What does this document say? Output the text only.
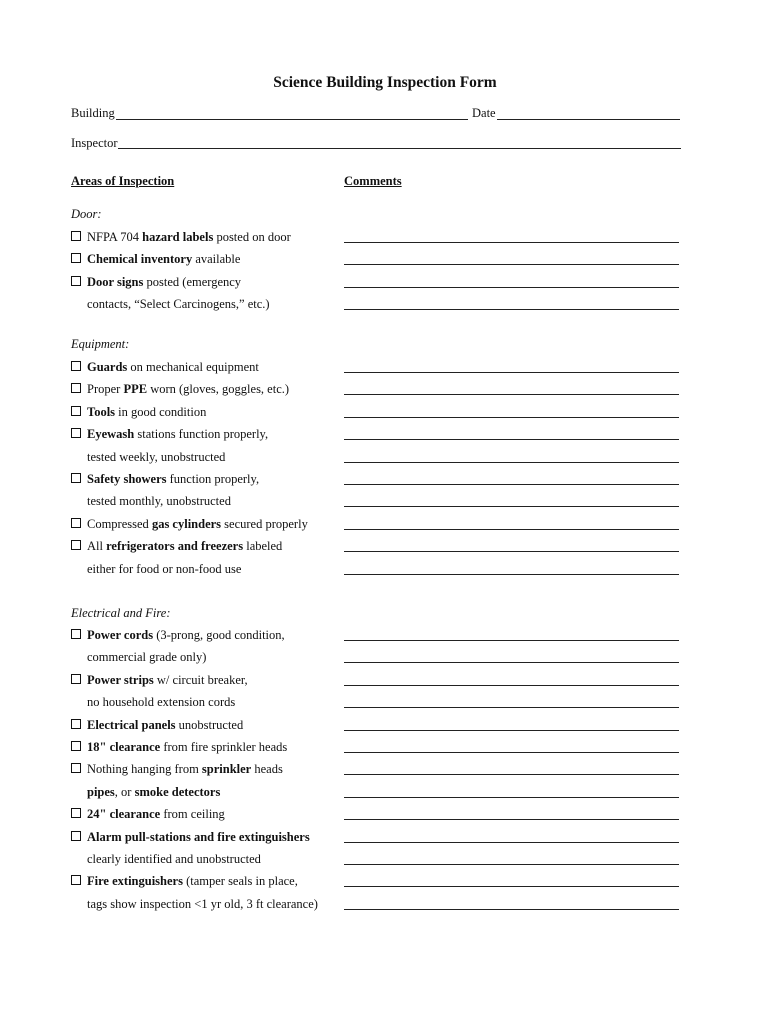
Science Building Inspection Form
Building	Date
Inspector
Areas of Inspection	Comments
Door:
NFPA 704 hazard labels posted on door
Chemical inventory available
Door signs posted (emergency
contacts, “Select Carcinogens,” etc.)
Equipment:
Guards on mechanical equipment
Proper PPE worn (gloves, goggles, etc.)
Tools in good condition
Eyewash stations function properly,
tested weekly, unobstructed
Safety showers function properly,
tested monthly, unobstructed
Compressed gas cylinders secured properly
All refrigerators and freezers labeled
either for food or non-food use
Electrical and Fire:
Power cords (3-prong, good condition,
commercial grade only)
Power strips w/ circuit breaker,
no household extension cords
Electrical panels unobstructed
18" clearance from fire sprinkler heads
Nothing hanging from sprinkler heads
pipes, or smoke detectors
24" clearance from ceiling
Alarm pull-stations and fire extinguishers
clearly identified and unobstructed
Fire extinguishers (tamper seals in place,
tags show inspection <1 yr old, 3 ft clearance)
